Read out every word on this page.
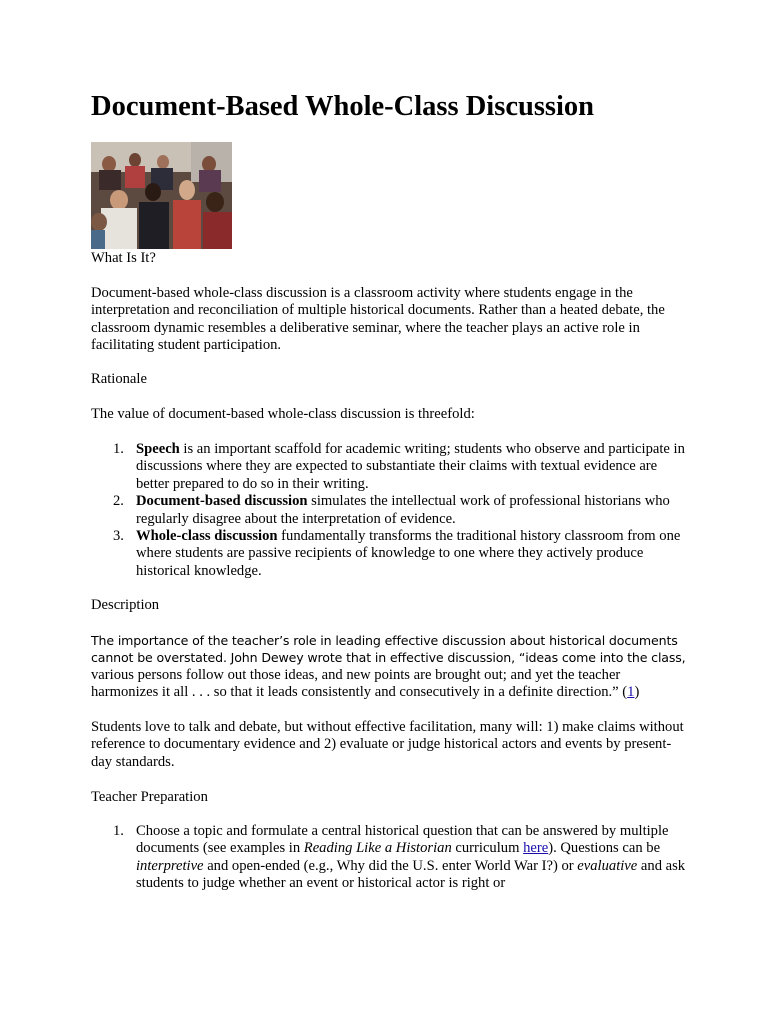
Document-Based Whole-Class Discussion

What Is It?

Document-based whole-class discussion is a classroom activity where students engage in the interpretation and reconciliation of multiple historical documents. Rather than a heated debate, the classroom dynamic resembles a deliberative seminar, where the teacher plays an active role in facilitating student participation.

Rationale

The value of document-based whole-class discussion is threefold:

1. Speech is an important scaffold for academic writing; students who observe and participate in discussions where they are expected to substantiate their claims with textual evidence are better prepared to do so in their writing.
2. Document-based discussion simulates the intellectual work of professional historians who regularly disagree about the interpretation of evidence.
3. Whole-class discussion fundamentally transforms the traditional history classroom from one where students are passive recipients of knowledge to one where they actively produce historical knowledge.

Description

The importance of the teacher’s role in leading effective discussion about historical documents
cannot be overstated. John Dewey wrote that in effective discussion, “ideas come into the class,
various persons follow out those ideas, and new points are brought out; and yet the teacher
harmonizes it all . . . so that it leads consistently and consecutively in a definite direction.” (1)

Students love to talk and debate, but without effective facilitation, many will: 1) make claims without reference to documentary evidence and 2) evaluate or judge historical actors and events by present-day standards.

Teacher Preparation

1. Choose a topic and formulate a central historical question that can be answered by multiple documents (see examples in Reading Like a Historian curriculum here). Questions can be interpretive and open-ended (e.g., Why did the U.S. enter World War I?) or evaluative and ask students to judge whether an event or historical actor is right or
